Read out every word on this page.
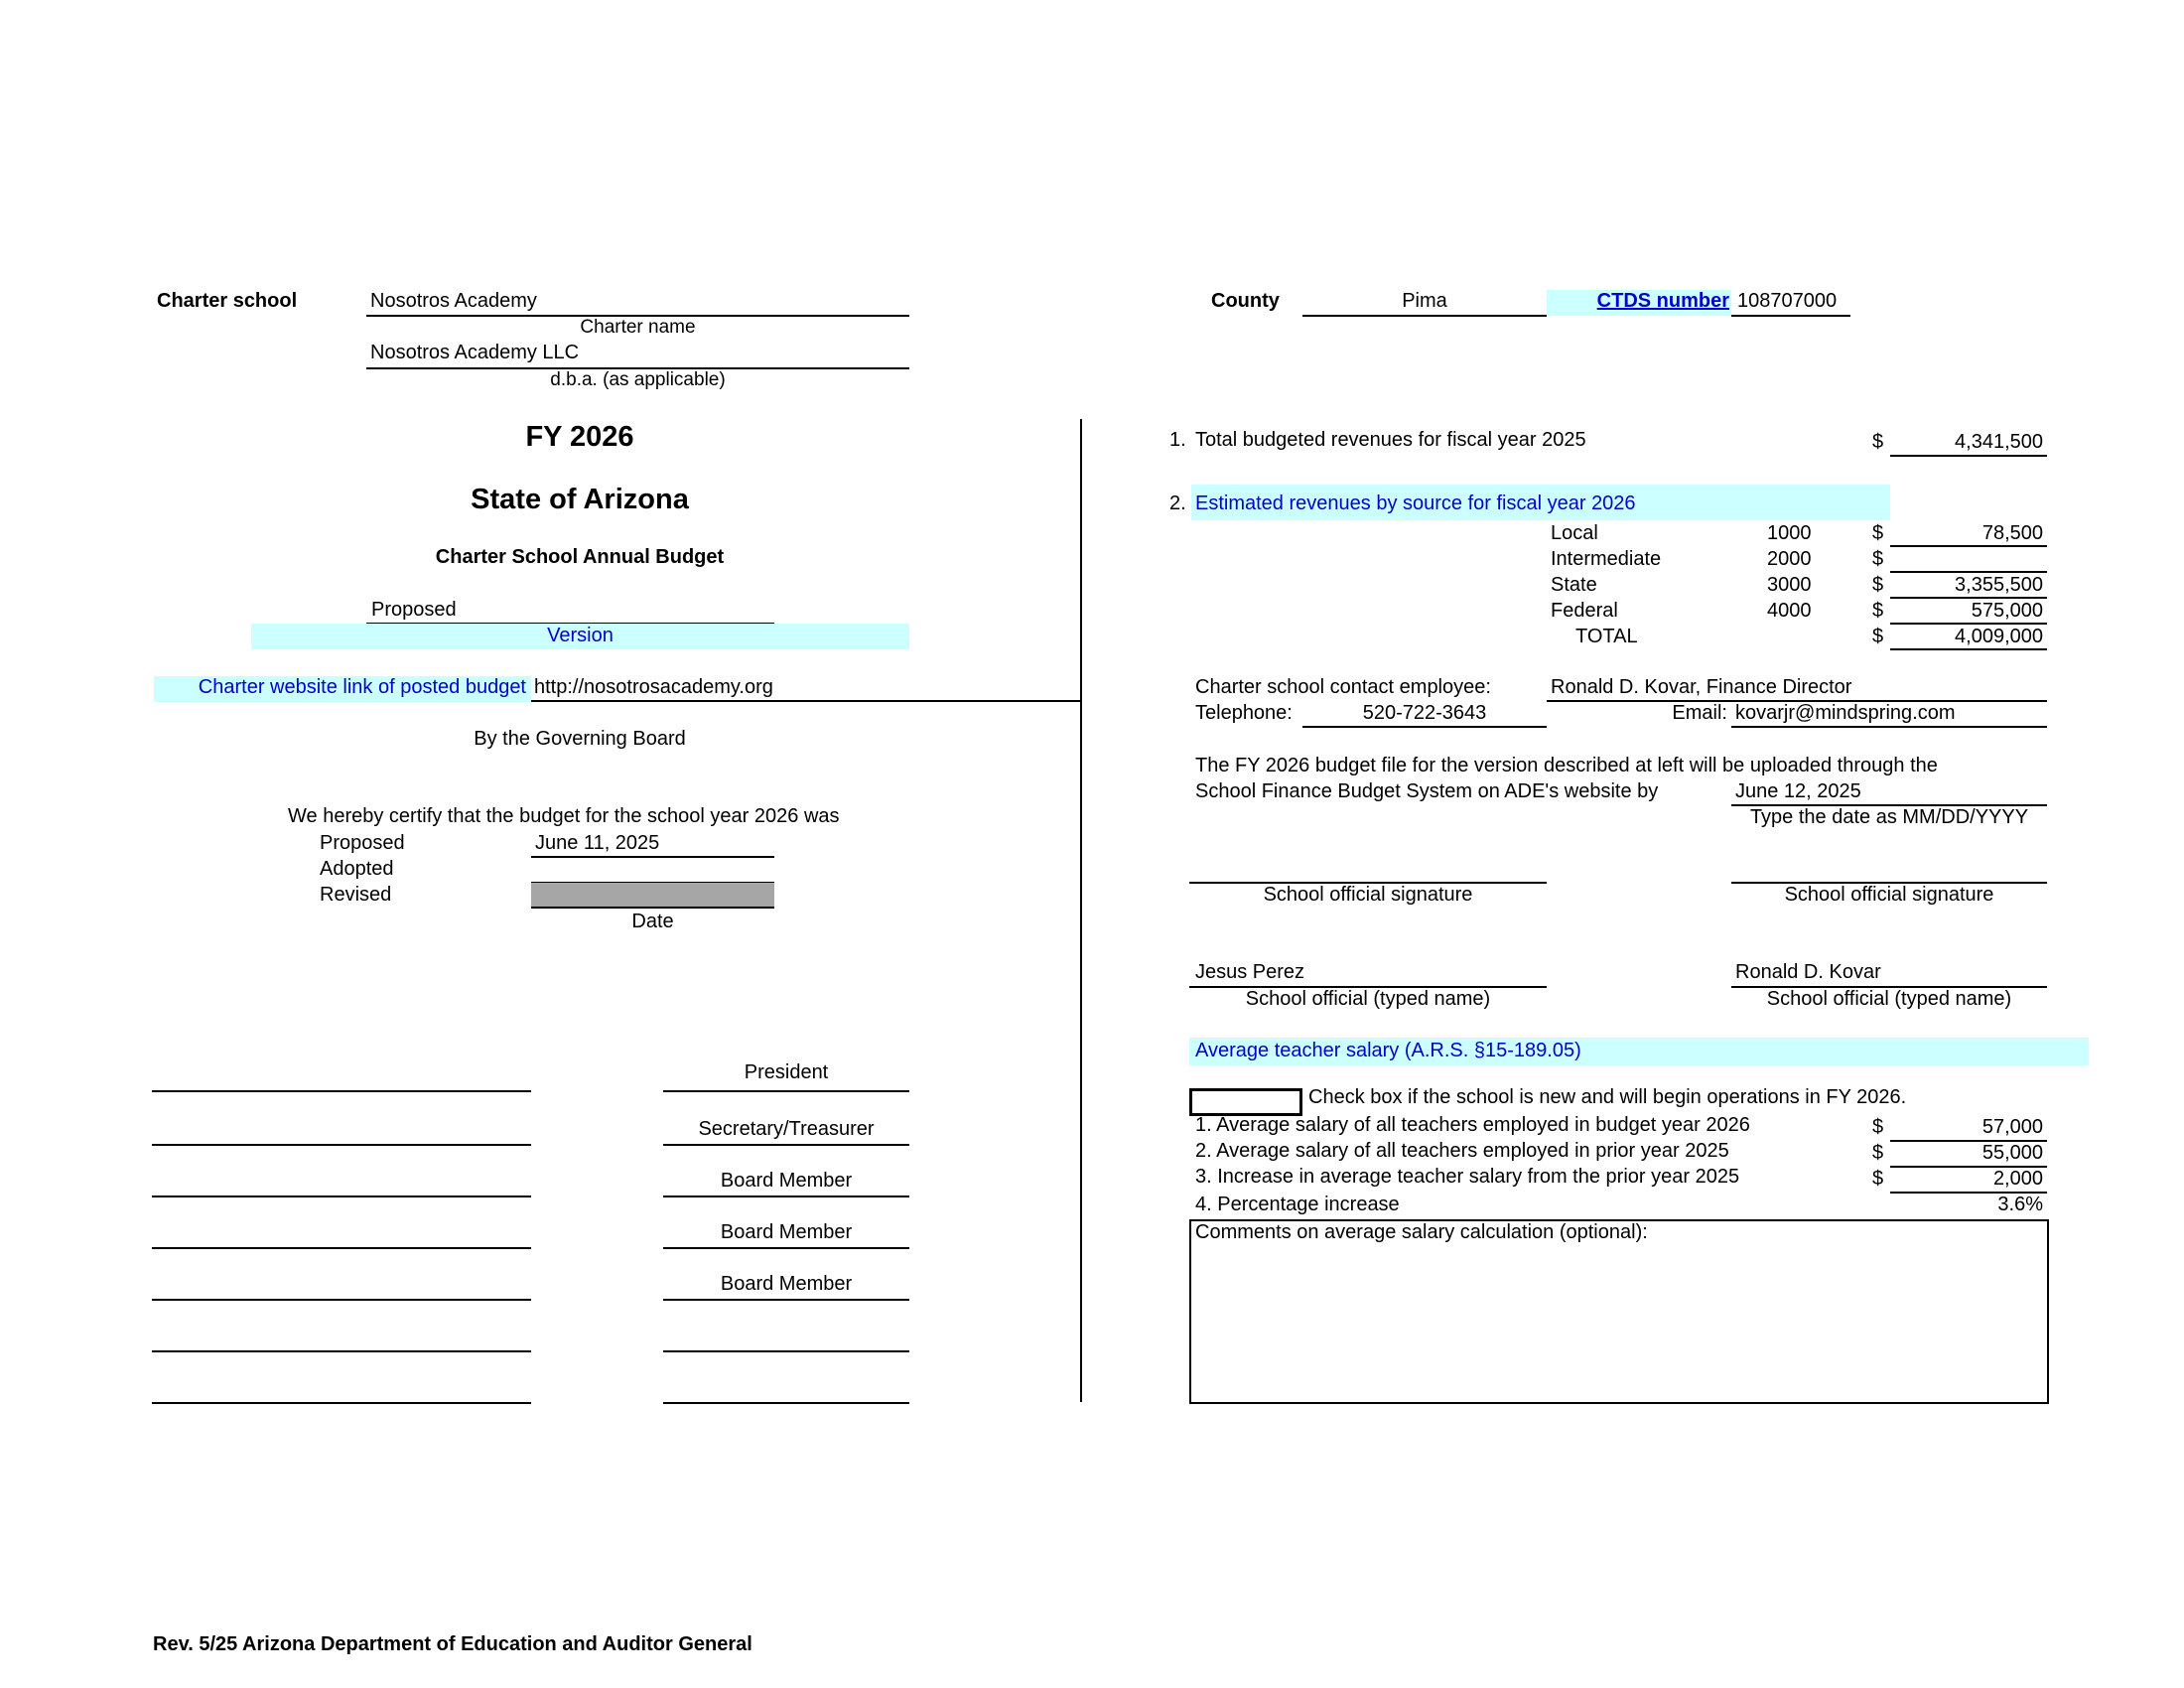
Charter school	Nosotros Academy
Charter name
Nosotros Academy LLC
d.b.a. (as applicable)
County	Pima	CTDS number 108707000
FY 2026
State of Arizona
Charter School Annual Budget
Proposed
Version
Charter website link of posted budget http://nosotrosacademy.org
By the Governing Board
We hereby certify that the budget for the school year 2026 was
Proposed	June 11, 2025
Adopted
Revised
Date
President
Secretary/Treasurer
Board Member
Board Member
Board Member
1. Total budgeted revenues for fiscal year 2025	$	4,341,500
2. Estimated revenues by source for fiscal year 2026
Local	1000	$	78,500
Intermediate	2000	$
State	3000	$	3,355,500
Federal	4000	$	575,000
TOTAL	$	4,009,000
Charter school contact employee:	Ronald D. Kovar, Finance Director
Telephone:	520-722-3643	Email: kovarjr@mindspring.com
The FY 2026 budget file for the version described at left will be uploaded through the
School Finance Budget System on ADE's website by	June 12, 2025
Type the date as MM/DD/YYYY
School official signature	School official signature
Jesus Perez
School official (typed name)
Ronald D. Kovar
School official (typed name)
Average teacher salary (A.R.S. §15-189.05)
Check box if the school is new and will begin operations in FY 2026.
1. Average salary of all teachers employed in budget year 2026	$	57,000
2. Average salary of all teachers employed in prior year 2025	$	55,000
3. Increase in average teacher salary from the prior year 2025	$	2,000
4. Percentage increase	3.6%
Comments on average salary calculation (optional):
Rev. 5/25 Arizona Department of Education and Auditor General
